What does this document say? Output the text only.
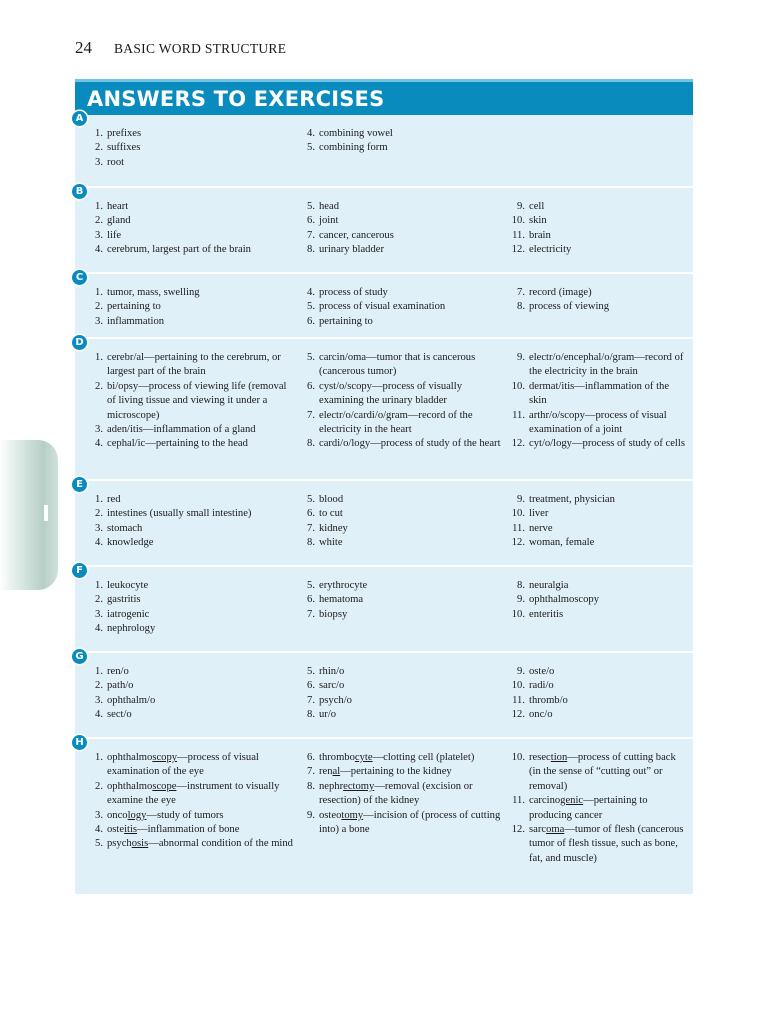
24 BASIC WORD STRUCTURE
ANSWERS TO EXERCISES
A
1. prefixes
2. suffixes
3. root
4. combining vowel
5. combining form
B
1. heart
2. gland
3. life
4. cerebrum, largest part of the brain
5. head
6. joint
7. cancer, cancerous
8. urinary bladder
9. cell
10. skin
11. brain
12. electricity
C
1. tumor, mass, swelling
2. pertaining to
3. inflammation
4. process of study
5. process of visual examination
6. pertaining to
7. record (image)
8. process of viewing
D
1. cerebr/al—pertaining to the cerebrum, or largest part of the brain
2. bi/opsy—process of viewing life (removal of living tissue and viewing it under a microscope)
3. aden/itis—inflammation of a gland
4. cephal/ic—pertaining to the head
5. carcin/oma—tumor that is cancerous (cancerous tumor)
6. cyst/o/scopy—process of visually examining the urinary bladder
7. electr/o/cardi/o/gram—record of the electricity in the heart
8. cardi/o/logy—process of study of the heart
9. electr/o/encephal/o/gram—record of the electricity in the brain
10. dermat/itis—inflammation of the skin
11. arthr/o/scopy—process of visual examination of a joint
12. cyt/o/logy—process of study of cells
E
1. red
2. intestines (usually small intestine)
3. stomach
4. knowledge
5. blood
6. to cut
7. kidney
8. white
9. treatment, physician
10. liver
11. nerve
12. woman, female
F
1. leukocyte
2. gastritis
3. iatrogenic
4. nephrology
5. erythrocyte
6. hematoma
7. biopsy
8. neuralgia
9. ophthalmoscopy
10. enteritis
G
1. ren/o
2. path/o
3. ophthalm/o
4. sect/o
5. rhin/o
6. sarc/o
7. psych/o
8. ur/o
9. oste/o
10. radi/o
11. thromb/o
12. onc/o
H
1. ophthalmoscopy—process of visual examination of the eye
2. ophthalmoscope—instrument to visually examine the eye
3. oncology—study of tumors
4. osteitis—inflammation of bone
5. psychosis—abnormal condition of the mind
6. thrombocyte—clotting cell (platelet)
7. renal—pertaining to the kidney
8. nephrectomy—removal (excision or resection) of the kidney
9. osteotomy—incision of (process of cutting into) a bone
10. resection—process of cutting back (in the sense of “cutting out” or removal)
11. carcinogenic—pertaining to producing cancer
12. sarcoma—tumor of flesh (cancerous tumor of flesh tissue, such as bone, fat, and muscle)
